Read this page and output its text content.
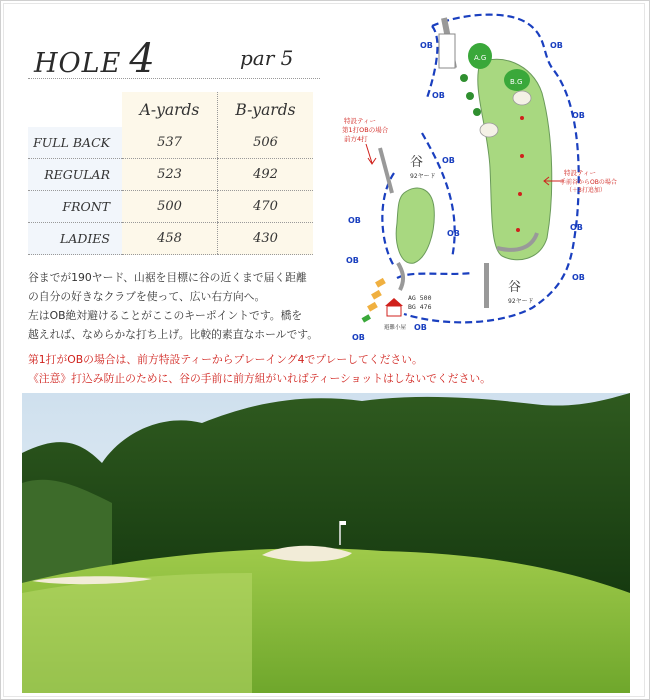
HOLE 4	par 5
	A-yards	B-yards
FULL BACK	537	506
REGULAR	523	492
FRONT	500	470
LADIES	458	430

谷までが190ヤード、山裾を目標に谷の近くまで届く距離

の自分の好きなクラブを使って、広い右方向へ。

左はOB絶対避けることがここのキーポイントです。橋を

越えれば、なめらかな打ち上げ。比較的素直なホールです。

第1打がOBの場合は、前方特設ティーからプレーイング4でプレーしてください。

《注意》打込み防止のために、谷の手前に前方組がいればティーショットはしないでください。

A.G
B.G
避難小屋
AG 500
BG 476
谷
92ヤード
谷
92ヤード
特設ティー
第1打OBの場合
前方4打
特設ティー
手前谷からOBの場合
（＋3打追加）
OB	OB
OB
OB
OB
OB
OB
OB
OB
OB
OB
OB
